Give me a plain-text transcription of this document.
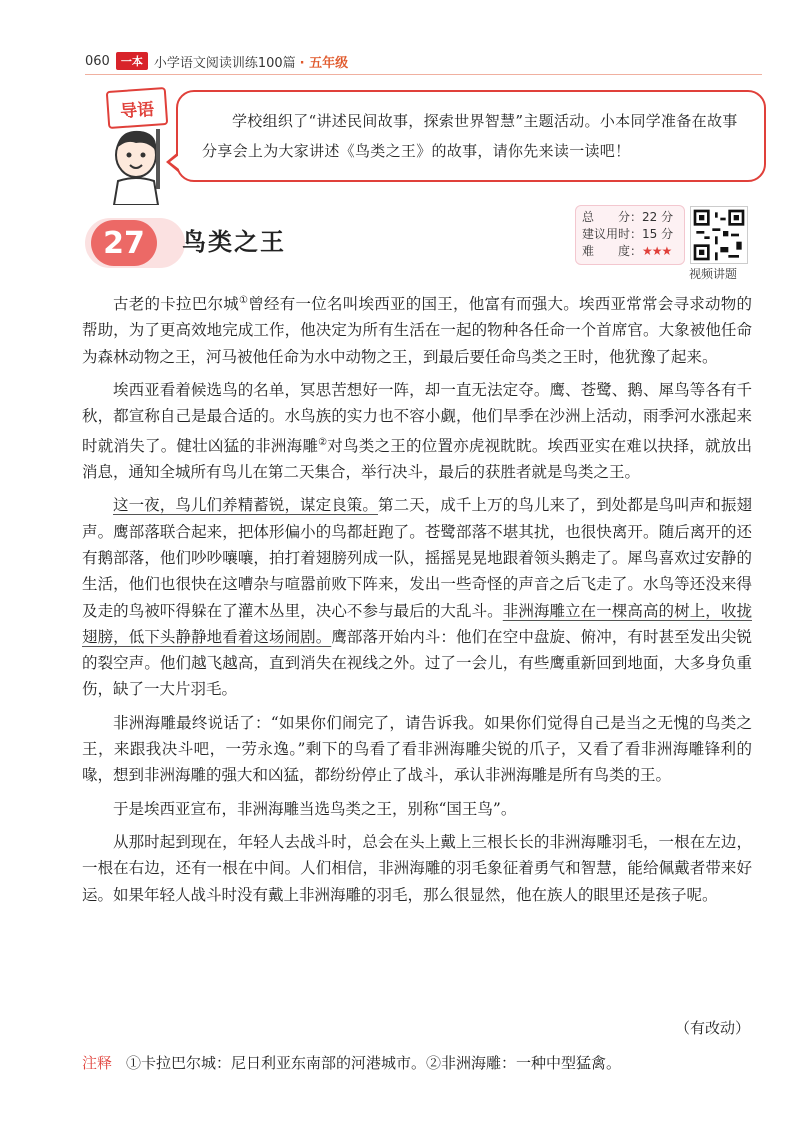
060	一本 小学语文阅读训练100篇 · 五年级
导语	学校组织了“讲述民间故事，探索世界智慧”主题活动。小本同学准备在故事分享会上为大家讲述《鸟类之王》的故事，请你先来读一读吧！
27	鸟类之王
总　　分：22 分
建议用时：15 分
难　　度：★★★
视频讲题

古老的卡拉巴尔城①曾经有一位名叫埃西亚的国王，他富有而强大。埃西亚常常会寻求动物的帮助，为了更高效地完成工作，他决定为所有生活在一起的物种各任命一个首席官。大象被他任命为森林动物之王，河马被他任命为水中动物之王，到最后要任命鸟类之王时，他犹豫了起来。

埃西亚看着候选鸟的名单，冥思苦想好一阵，却一直无法定夺。鹰、苍鹭、鹅、犀鸟等各有千秋，都宣称自己是最合适的。水鸟族的实力也不容小觑，他们旱季在沙洲上活动，雨季河水涨起来时就消失了。健壮凶猛的非洲海雕②对鸟类之王的位置亦虎视眈眈。埃西亚实在难以抉择，就放出消息，通知全城所有鸟儿在第二天集合，举行决斗，最后的获胜者就是鸟类之王。

这一夜，鸟儿们养精蓄锐，谋定良策。第二天，成千上万的鸟儿来了，到处都是鸟叫声和振翅声。鹰部落联合起来，把体形偏小的鸟都赶跑了。苍鹭部落不堪其扰，也很快离开。随后离开的还有鹅部落，他们吵吵嚷嚷，拍打着翅膀列成一队，摇摇晃晃地跟着领头鹅走了。犀鸟喜欢过安静的生活，他们也很快在这嘈杂与喧嚣前败下阵来，发出一些奇怪的声音之后飞走了。水鸟等还没来得及走的鸟被吓得躲在了灌木丛里，决心不参与最后的大乱斗。非洲海雕立在一棵高高的树上，收拢翅膀，低下头静静地看着这场闹剧。鹰部落开始内斗：他们在空中盘旋、俯冲，有时甚至发出尖锐的裂空声。他们越飞越高，直到消失在视线之外。过了一会儿，有些鹰重新回到地面，大多身负重伤，缺了一大片羽毛。

非洲海雕最终说话了：“如果你们闹完了，请告诉我。如果你们觉得自己是当之无愧的鸟类之王，来跟我决斗吧，一劳永逸。”剩下的鸟看了看非洲海雕尖锐的爪子，又看了看非洲海雕锋利的喙，想到非洲海雕的强大和凶猛，都纷纷停止了战斗，承认非洲海雕是所有鸟类的王。

于是埃西亚宣布，非洲海雕当选鸟类之王，别称“国王鸟”。

从那时起到现在，年轻人去战斗时，总会在头上戴上三根长长的非洲海雕羽毛，一根在左边，一根在右边，还有一根在中间。人们相信，非洲海雕的羽毛象征着勇气和智慧，能给佩戴者带来好运。如果年轻人战斗时没有戴上非洲海雕的羽毛，那么很显然，他在族人的眼里还是孩子呢。

（有改动）
注释 ①卡拉巴尔城：尼日利亚东南部的河港城市。②非洲海雕：一种中型猛禽。
